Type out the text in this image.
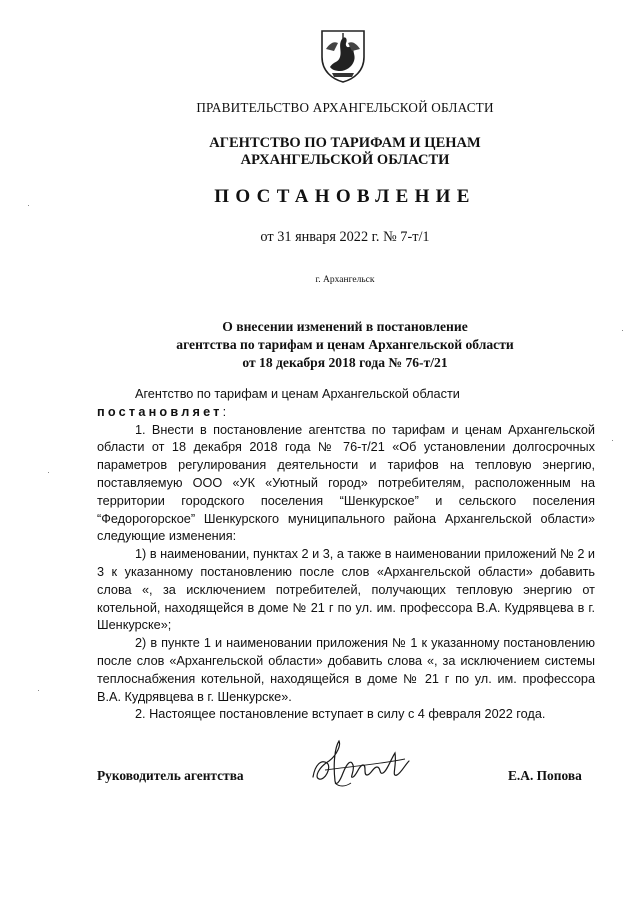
ПРАВИТЕЛЬСТВО АРХАНГЕЛЬСКОЙ ОБЛАСТИ
АГЕНТСТВО ПО ТАРИФАМ И ЦЕНАМ
АРХАНГЕЛЬСКОЙ ОБЛАСТИ
ПОСТАНОВЛЕНИЕ
от 31 января 2022 г. № 7-т/1
г. Архангельск
О внесении изменений в постановление
агентства по тарифам и ценам Архангельской области
от 18 декабря 2018 года № 76-т/21

Агентство по тарифам и ценам Архангельской области

постановляет:

1. Внести в постановление агентства по тарифам и ценам Архангельской области от 18 декабря 2018 года № 76-т/21 «Об установлении долгосрочных параметров регулирования деятельности и тарифов на тепловую энергию, поставляемую ООО «УК «Уютный город» потребителям, расположенным на территории городского поселения “Шенкурское” и сельского поселения “Федорогорское” Шенкурского муниципального района Архангельской области» следующие изменения:

1) в наименовании, пунктах 2 и 3, а также в наименовании приложений № 2 и 3 к указанному постановлению после слов «Архангельской области» добавить слова «, за исключением потребителей, получающих тепловую энергию от котельной, находящейся в доме № 21 г по ул. им. профессора В.А. Кудрявцева в г. Шенкурске»;

2) в пункте 1 и наименовании приложения № 1 к указанному постановлению после слов «Архангельской области» добавить слова «, за исключением системы теплоснабжения котельной, находящейся в доме № 21 г по ул. им. профессора В.А. Кудрявцева в г. Шенкурске».

2. Настоящее постановление вступает в силу с 4 февраля 2022 года.

Руководитель агентства	Е.А. Попова
